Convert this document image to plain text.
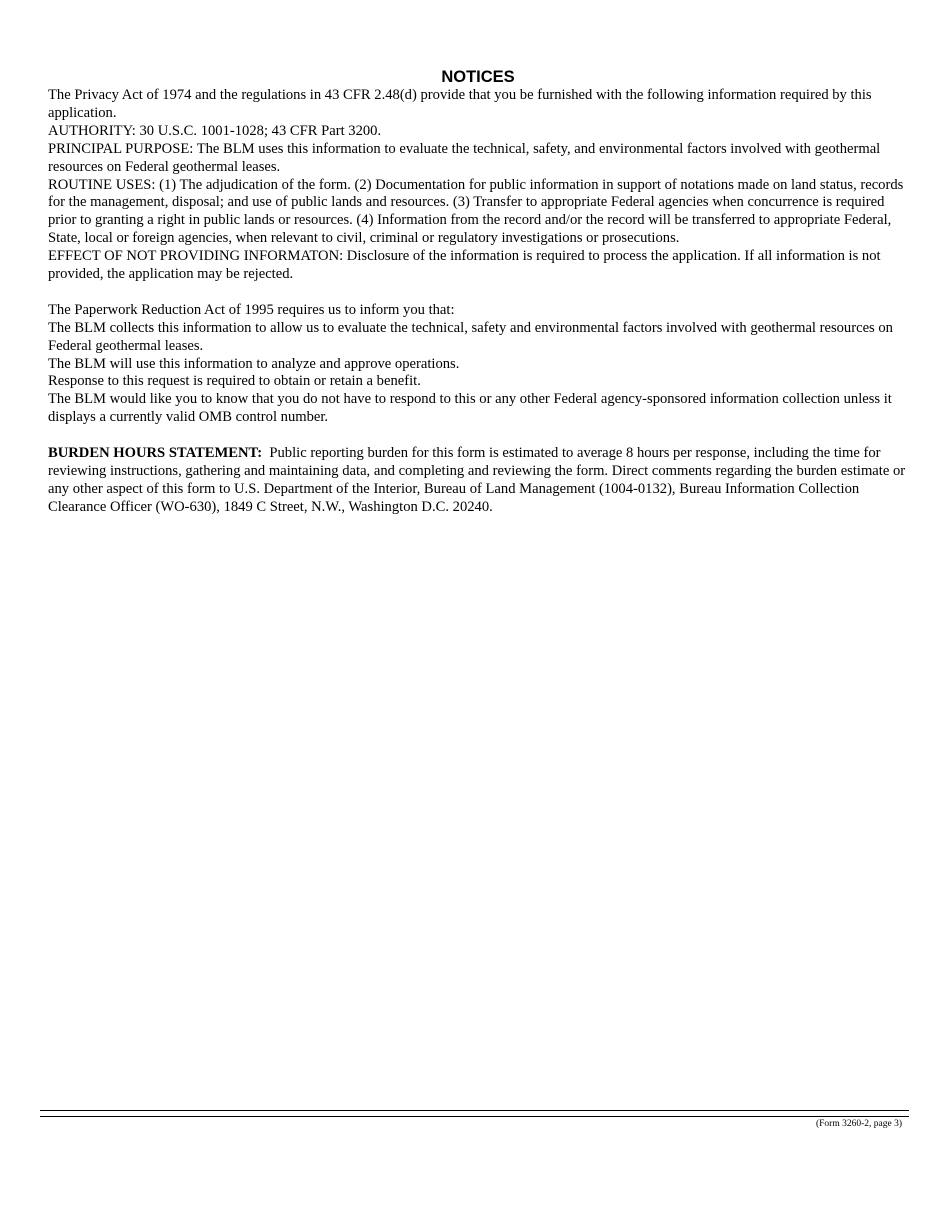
NOTICES

The Privacy Act of 1974 and the regulations in 43 CFR 2.48(d) provide that you be furnished with the following information required by this application.

AUTHORITY: 30 U.S.C. 1001-1028; 43 CFR Part 3200.

PRINCIPAL PURPOSE: The BLM uses this information to evaluate the technical, safety, and environmental factors involved with geothermal resources on Federal geothermal leases.

ROUTINE USES: (1) The adjudication of the form. (2) Documentation for public information in support of notations made on land status, records for the management, disposal; and use of public lands and resources. (3) Transfer to appropriate Federal agencies when concurrence is required prior to granting a right in public lands or resources. (4) Information from the record and/or the record will be transferred to appropriate Federal, State, local or foreign agencies, when relevant to civil, criminal or regulatory investigations or prosecutions.

EFFECT OF NOT PROVIDING INFORMATON: Disclosure of the information is required to process the application. If all information is not provided, the application may be rejected.

The Paperwork Reduction Act of 1995 requires us to inform you that:

The BLM collects this information to allow us to evaluate the technical, safety and environmental factors involved with geothermal resources on Federal geothermal leases.

The BLM will use this information to analyze and approve operations.

Response to this request is required to obtain or retain a benefit.

The BLM would like you to know that you do not have to respond to this or any other Federal agency-sponsored information collection unless it displays a currently valid OMB control number.

BURDEN HOURS STATEMENT: Public reporting burden for this form is estimated to average 8 hours per response, including the time for reviewing instructions, gathering and maintaining data, and completing and reviewing the form. Direct comments regarding the burden estimate or any other aspect of this form to U.S. Department of the Interior, Bureau of Land Management (1004-0132), Bureau Information Collection Clearance Officer (WO-630), 1849 C Street, N.W., Washington D.C. 20240.

(Form 3260-2, page 3)
